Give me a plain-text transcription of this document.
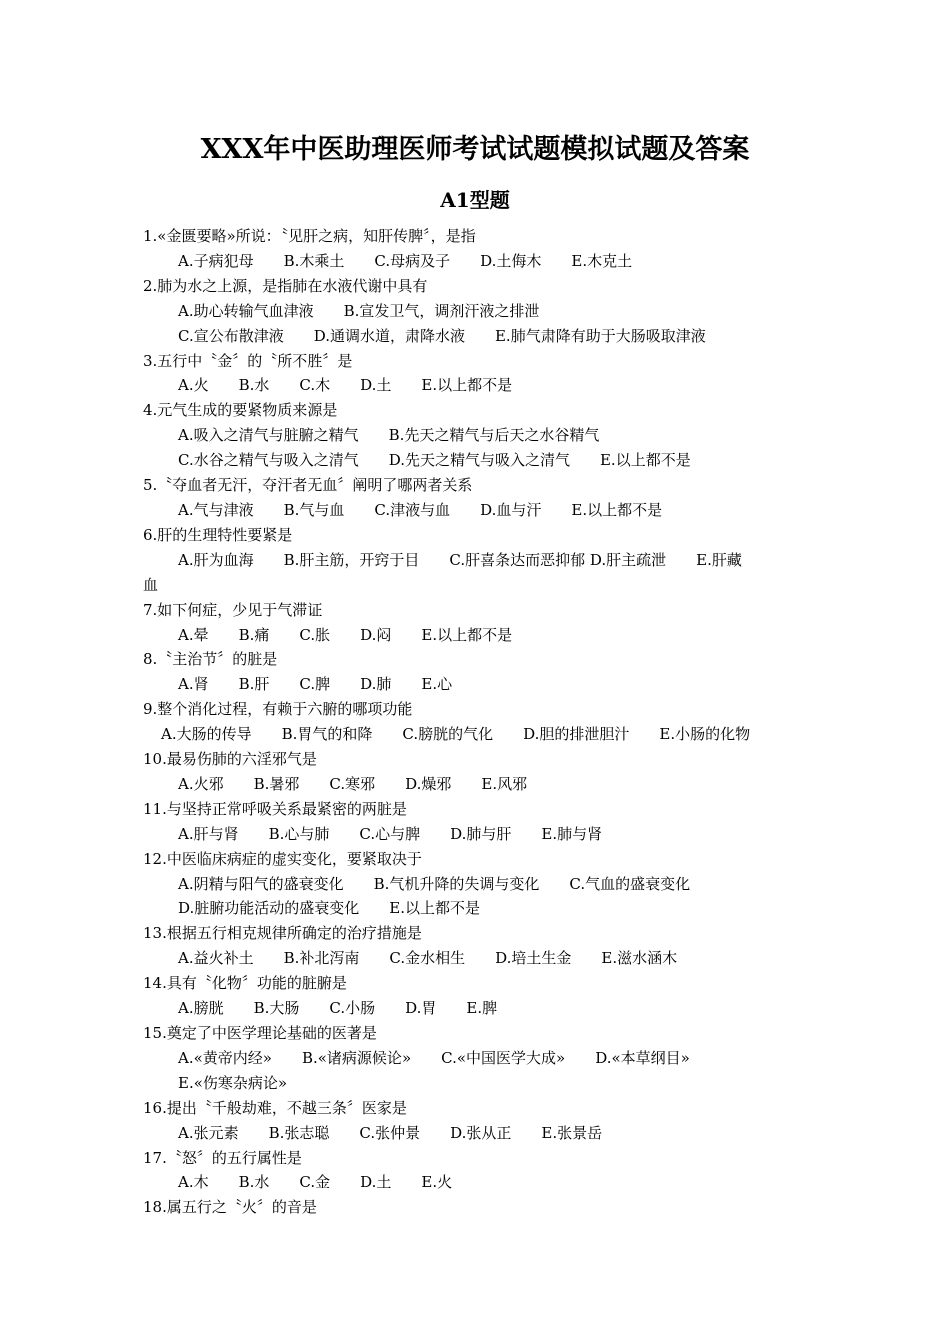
XXX年中医助理医师考试试题模拟试题及答案
A1型题
1.«金匮要略»所说：〝见肝之病，知肝传脾〞，是指
A.子病犯母 B.木乘土 C.母病及子 D.土侮木 E.木克土
2.肺为水之上源，是指肺在水液代谢中具有
A.助心转输气血津液 B.宣发卫气，调剂汗液之排泄
C.宣公布散津液 D.通调水道，肃降水液 E.肺气肃降有助于大肠吸取津液
3.五行中〝金〞的〝所不胜〞是
A.火 B.水 C.木 D.土 E.以上都不是
4.元气生成的要紧物质来源是
A.吸入之清气与脏腑之精气 B.先天之精气与后天之水谷精气
C.水谷之精气与吸入之清气 D.先天之精气与吸入之清气 E.以上都不是
5.〝夺血者无汗，夺汗者无血〞阐明了哪两者关系
A.气与津液 B.气与血 C.津液与血 D.血与汗 E.以上都不是
6.肝的生理特性要紧是
A.肝为血海 B.肝主筋，开窍于目 C.肝喜条达而恶抑郁 D.肝主疏泄 E.肝藏
血
7.如下何症，少见于气滞证
A.晕 B.痛 C.胀 D.闷 E.以上都不是
8.〝主治节〞的脏是
A.肾 B.肝 C.脾 D.肺 E.心
9.整个消化过程，有赖于六腑的哪项功能
A.大肠的传导 B.胃气的和降 C.膀胱的气化 D.胆的排泄胆汁 E.小肠的化物
10.最易伤肺的六淫邪气是
A.火邪 B.暑邪 C.寒邪 D.燥邪 E.风邪
11.与坚持正常呼吸关系最紧密的两脏是
A.肝与肾 B.心与肺 C.心与脾 D.肺与肝 E.肺与肾
12.中医临床病症的虚实变化，要紧取决于
A.阴精与阳气的盛衰变化 B.气机升降的失调与变化 C.气血的盛衰变化
D.脏腑功能活动的盛衰变化 E.以上都不是
13.根据五行相克规律所确定的治疗措施是
A.益火补土 B.补北泻南 C.金水相生 D.培土生金 E.滋水涵木
14.具有〝化物〞功能的脏腑是
A.膀胱 B.大肠 C.小肠 D.胃 E.脾
15.奠定了中医学理论基础的医著是
A.«黄帝内经» B.«诸病源候论» C.«中国医学大成» D.«本草纲目»
E.«伤寒杂病论»
16.提出〝千般劫难，不越三条〞医家是
A.张元素 B.张志聪 C.张仲景 D.张从正 E.张景岳
17.〝怒〞的五行属性是
A.木 B.水 C.金 D.土 E.火
18.属五行之〝火〞的音是
